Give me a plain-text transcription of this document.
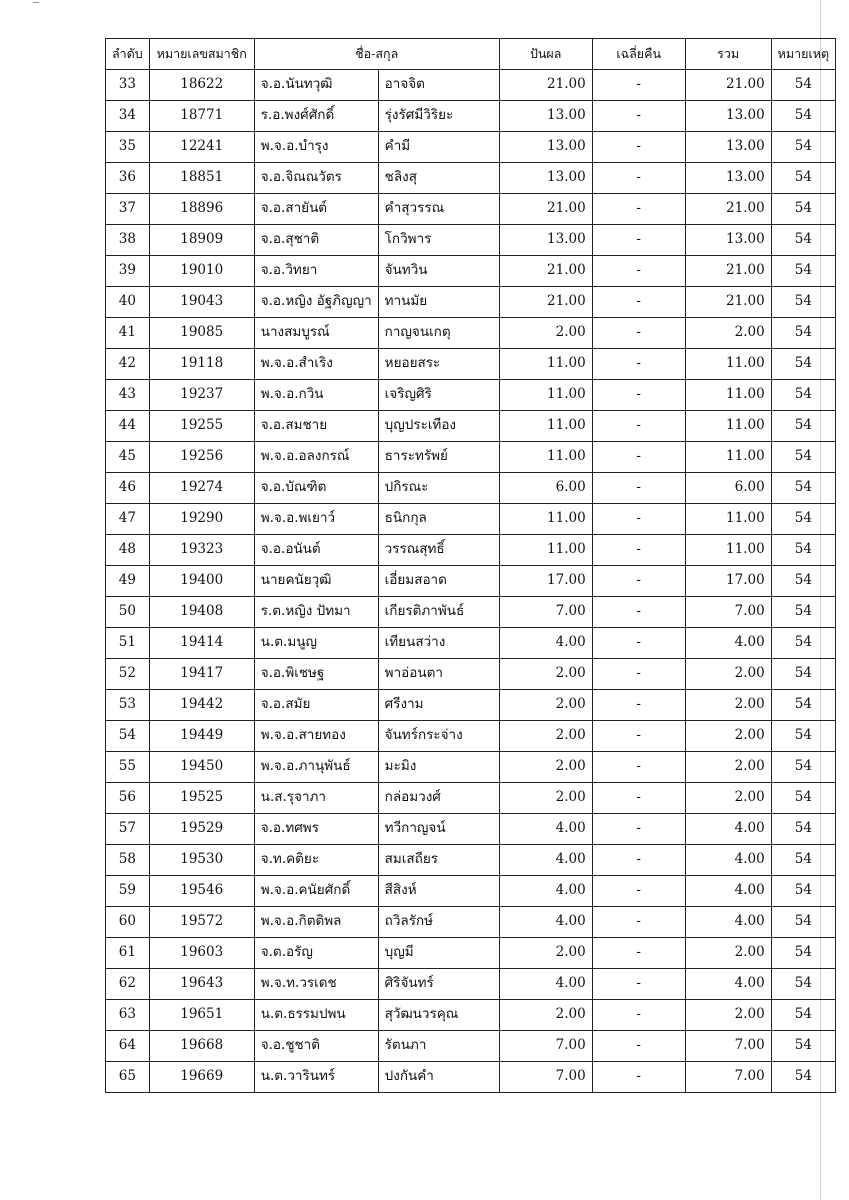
ลำดับ	หมายเลขสมาชิก	ชื่อ-สกุล		ปันผล	เฉลี่ยคืน	รวม	หมายเหตุ
33	18622	จ.อ.นันทวุฒิ	อาจจิต	21.00	-	21.00	54
34	18771	ร.อ.พงศ์ศักดิ์	รุ่งรัศมีวิริยะ	13.00	-	13.00	54
35	12241	พ.จ.อ.บำรุง	คำมี	13.00	-	13.00	54
36	18851	จ.อ.จิณณวัตร	ชลิงสุ	13.00	-	13.00	54
37	18896	จ.อ.สายันต์	คำสุวรรณ	21.00	-	21.00	54
38	18909	จ.อ.สุชาติ	โกวิพาร	13.00	-	13.00	54
39	19010	จ.อ.วิทยา	จันทวิน	21.00	-	21.00	54
40	19043	จ.อ.หญิง อัฐภิญญา	ทานมัย	21.00	-	21.00	54
41	19085	นางสมบูรณ์	กาญจนเกตุ	2.00	-	2.00	54
42	19118	พ.จ.อ.สำเริง	หยอยสระ	11.00	-	11.00	54
43	19237	พ.จ.อ.กวิน	เจริญศิริ	11.00	-	11.00	54
44	19255	จ.อ.สมชาย	บุญประเทือง	11.00	-	11.00	54
45	19256	พ.จ.อ.อลงกรณ์	ธาระทรัพย์	11.00	-	11.00	54
46	19274	จ.อ.บัณฑิต	ปกิรณะ	6.00	-	6.00	54
47	19290	พ.จ.อ.พเยาว์	ธนิกกุล	11.00	-	11.00	54
48	19323	จ.อ.อนันต์	วรรณสุทธิ์	11.00	-	11.00	54
49	19400	นายคนัยวุฒิ	เอี่ยมสอาด	17.00	-	17.00	54
50	19408	ร.ต.หญิง ปัทมา	เกียรติภาพันธ์	7.00	-	7.00	54
51	19414	น.ต.มนูญ	เทียนสว่าง	4.00	-	4.00	54
52	19417	จ.อ.พิเชษฐ	พาอ่อนตา	2.00	-	2.00	54
53	19442	จ.อ.สมัย	ศรีงาม	2.00	-	2.00	54
54	19449	พ.จ.อ.สายทอง	จันทร์กระจ่าง	2.00	-	2.00	54
55	19450	พ.จ.อ.ภานุพันธ์	มะมิง	2.00	-	2.00	54
56	19525	น.ส.รุจาภา	กล่อมวงศ์	2.00	-	2.00	54
57	19529	จ.อ.ทศพร	ทวีกาญจน์	4.00	-	4.00	54
58	19530	จ.ท.คติยะ	สมเสถียร	4.00	-	4.00	54
59	19546	พ.จ.อ.คนัยศักดิ์	สีสิงห์	4.00	-	4.00	54
60	19572	พ.จ.อ.กิตติพล	ถวิลรักษ์	4.00	-	4.00	54
61	19603	จ.ต.อรัญ	บุญมี	2.00	-	2.00	54
62	19643	พ.จ.ท.วรเดช	ศิริจันทร์	4.00	-	4.00	54
63	19651	น.ต.ธรรมปพน	สุวัฒนวรคุณ	2.00	-	2.00	54
64	19668	จ.อ.ชูชาติ	รัตนภา	7.00	-	7.00	54
65	19669	น.ต.วารินทร์	ปงกันคำ	7.00	-	7.00	54
